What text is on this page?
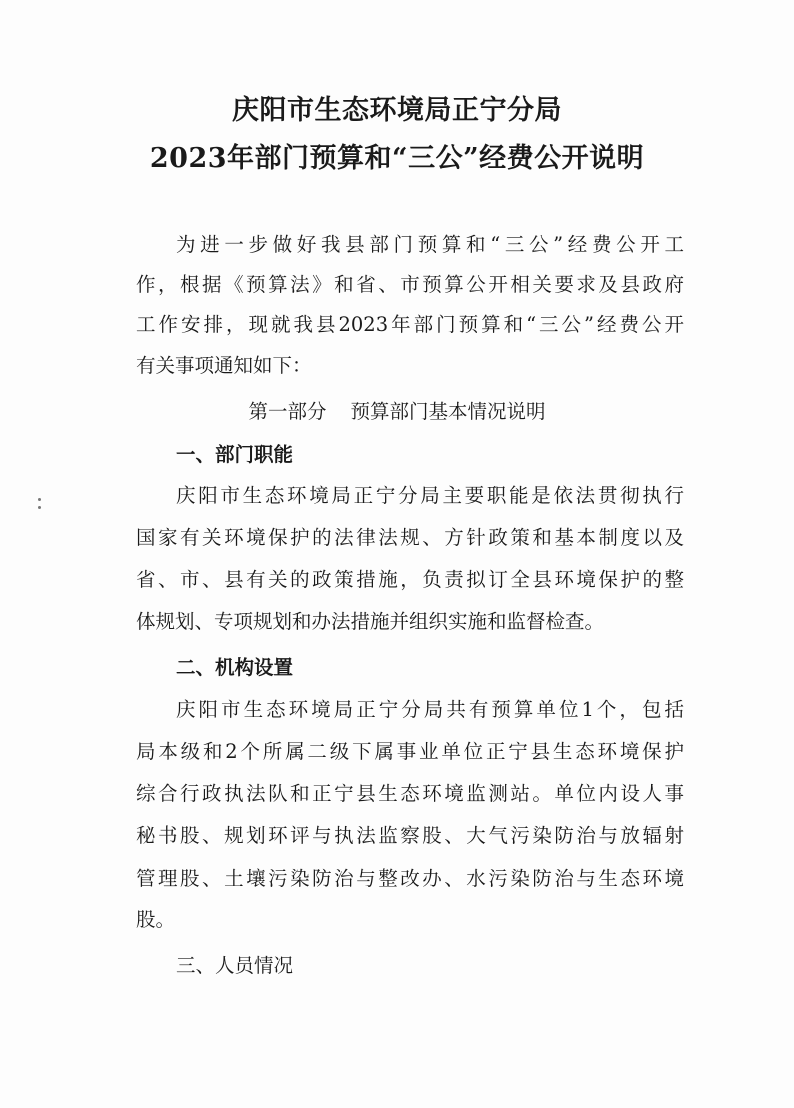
庆阳市生态环境局正宁分局
2023年部门预算和“三公”经费公开说明
为进一步做好我县部门预算和“三公”经费公开工
作，根据《预算法》和省、市预算公开相关要求及县政府
工作安排，现就我县2023年部门预算和“三公”经费公开
有关事项通知如下：
第一部分 预算部门基本情况说明
一、部门职能
庆阳市生态环境局正宁分局主要职能是依法贯彻执行
国家有关环境保护的法律法规、方针政策和基本制度以及
省、市、县有关的政策措施，负责拟订全县环境保护的整
体规划、专项规划和办法措施并组织实施和监督检查。
二、机构设置
庆阳市生态环境局正宁分局共有预算单位1个，包括
局本级和2个所属二级下属事业单位正宁县生态环境保护
综合行政执法队和正宁县生态环境监测站。单位内设人事
秘书股、规划环评与执法监察股、大气污染防治与放辐射
管理股、土壤污染防治与整改办、水污染防治与生态环境
股。
三、人员情况
